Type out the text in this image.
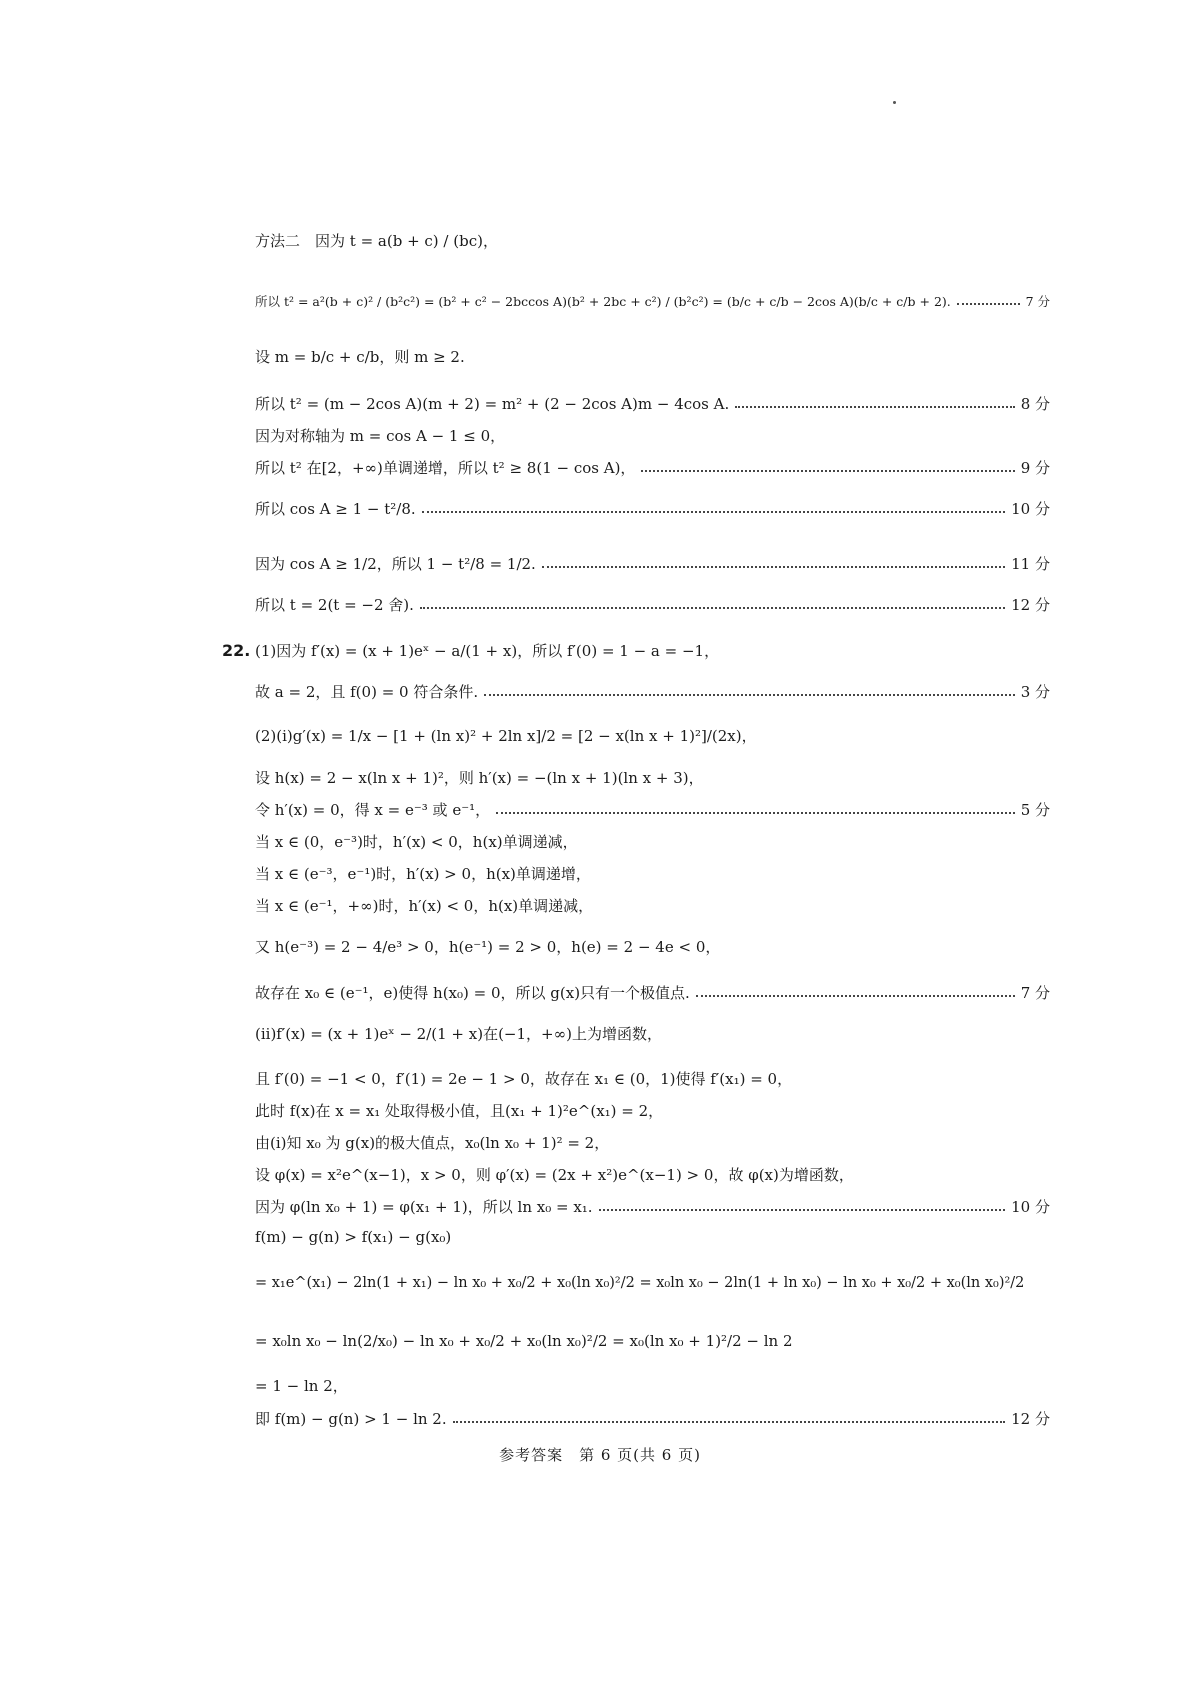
方法二　因为 t = a(b + c) / (bc)，
所以 t² = a²(b + c)² / (b²c²) = (b² + c² − 2bccos A)(b² + 2bc + c²) / (b²c²) = (b/c + c/b − 2cos A)(b/c + c/b + 2).	7 分
设 m = b/c + c/b，则 m ≥ 2.
所以 t² = (m − 2cos A)(m + 2) = m² + (2 − 2cos A)m − 4cos A.	8 分
因为对称轴为 m = cos A − 1 ≤ 0，
所以 t² 在[2，+∞)单调递增，所以 t² ≥ 8(1 − cos A)，	9 分
所以 cos A ≥ 1 − t²/8.	10 分
因为 cos A ≥ 1/2，所以 1 − t²/8 = 1/2.	11 分
所以 t = 2(t = −2 舍).	12 分
(1)因为 f′(x) = (x + 1)eˣ − a/(1 + x)，所以 f′(0) = 1 − a = −1，
故 a = 2，且 f(0) = 0 符合条件.	3 分
(2)(i)g′(x) = 1/x − [1 + (ln x)² + 2ln x]/2 = [2 − x(ln x + 1)²]/(2x)，
设 h(x) = 2 − x(ln x + 1)²，则 h′(x) = −(ln x + 1)(ln x + 3)，
令 h′(x) = 0，得 x = e⁻³ 或 e⁻¹，	5 分
当 x ∈ (0，e⁻³)时，h′(x) < 0，h(x)单调递减，
当 x ∈ (e⁻³，e⁻¹)时，h′(x) > 0，h(x)单调递增，
当 x ∈ (e⁻¹，+∞)时，h′(x) < 0，h(x)单调递减，
又 h(e⁻³) = 2 − 4/e³ > 0，h(e⁻¹) = 2 > 0，h(e) = 2 − 4e < 0，
故存在 x₀ ∈ (e⁻¹，e)使得 h(x₀) = 0，所以 g(x)只有一个极值点.	7 分
(ii)f′(x) = (x + 1)eˣ − 2/(1 + x)在(−1，+∞)上为增函数，
且 f′(0) = −1 < 0，f′(1) = 2e − 1 > 0，故存在 x₁ ∈ (0，1)使得 f′(x₁) = 0，
此时 f(x)在 x = x₁ 处取得极小值，且(x₁ + 1)²e^(x₁) = 2，
由(i)知 x₀ 为 g(x)的极大值点，x₀(ln x₀ + 1)² = 2，
设 φ(x) = x²e^(x−1)，x > 0，则 φ′(x) = (2x + x²)e^(x−1) > 0，故 φ(x)为增函数，
因为 φ(ln x₀ + 1) = φ(x₁ + 1)，所以 ln x₀ = x₁.	10 分
f(m) − g(n) > f(x₁) − g(x₀)
= x₁e^(x₁) − 2ln(1 + x₁) − ln x₀ + x₀/2 + x₀(ln x₀)²/2 = x₀ln x₀ − 2ln(1 + ln x₀) − ln x₀ + x₀/2 + x₀(ln x₀)²/2
= x₀ln x₀ − ln(2/x₀) − ln x₀ + x₀/2 + x₀(ln x₀)²/2 = x₀(ln x₀ + 1)²/2 − ln 2
= 1 − ln 2，
即 f(m) − g(n) > 1 − ln 2.	12 分
22.
参考答案　第 6 页(共 6 页)
